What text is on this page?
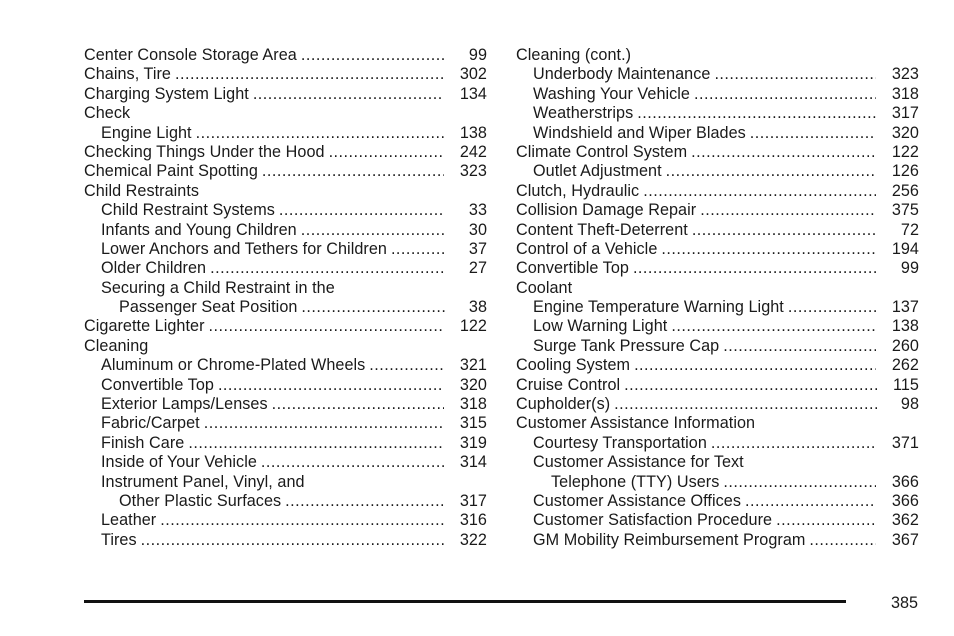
Center Console Storage Area .....	99
Chains, Tire .....	302
Charging System Light .....	134
Check
Engine Light .....	138
Checking Things Under the Hood .....	242
Chemical Paint Spotting .....	323
Child Restraints
Child Restraint Systems .....	33
Infants and Young Children .....	30
Lower Anchors and Tethers for Children .....	37
Older Children .....	27
Securing a Child Restraint in the
Passenger Seat Position .....	38
Cigarette Lighter .....	122
Cleaning
Aluminum or Chrome-Plated Wheels .....	321
Convertible Top .....	320
Exterior Lamps/Lenses .....	318
Fabric/Carpet .....	315
Finish Care .....	319
Inside of Your Vehicle .....	314
Instrument Panel, Vinyl, and
Other Plastic Surfaces .....	317
Leather .....	316
Tires .....	322
Cleaning (cont.)
Underbody Maintenance .....	323
Washing Your Vehicle .....	318
Weatherstrips .....	317
Windshield and Wiper Blades .....	320
Climate Control System .....	122
Outlet Adjustment .....	126
Clutch, Hydraulic .....	256
Collision Damage Repair .....	375
Content Theft-Deterrent .....	72
Control of a Vehicle .....	194
Convertible Top .....	99
Coolant
Engine Temperature Warning Light .....	137
Low Warning Light .....	138
Surge Tank Pressure Cap .....	260
Cooling System .....	262
Cruise Control .....	115
Cupholder(s) .....	98
Customer Assistance Information
Courtesy Transportation .....	371
Customer Assistance for Text
Telephone (TTY) Users .....	366
Customer Assistance Offices .....	366
Customer Satisfaction Procedure .....	362
GM Mobility Reimbursement Program .....	367
385
